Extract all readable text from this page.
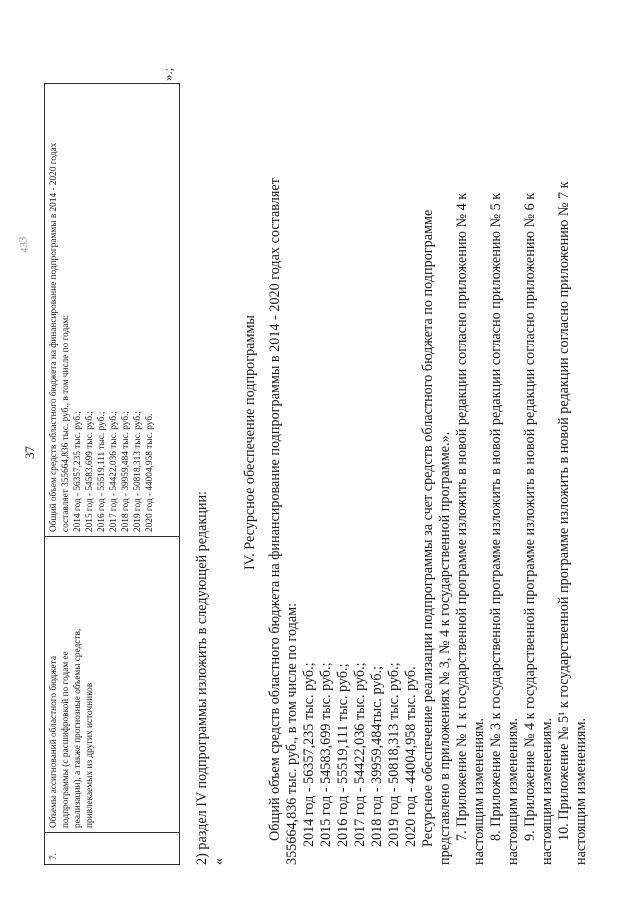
37
433
7.
Объемы ассигнований областного бюджета подпрограммы (с расшифровкой по годам ее реализации), а также прогнозные объемы средств, привлекаемых из других источников
Общий объем средств областного бюджета на финансирование подпрограммы в 2014 - 2020 годах составляет 355664,836 тыс. руб., в том числе по годам: 2014 год - 56357,235 тыс. руб.; 2015 год - 54583,699 тыс. руб.; 2016 год - 55519,111 тыс. руб.; 2017 год - 54422,036 тыс. руб.; 2018 год - 39959,484 тыс. руб.; 2019 год - 50818,313 тыс. руб.; 2020 год - 44004,958 тыс. руб.
».;
2) раздел IV подпрограммы изложить в следующей редакции: «
IV. Ресурсное обеспечение подпрограммы Общий объем средств областного бюджета на финансирование подпрограммы в 2014 - 2020 годах составляет 355664,836 тыс. руб., в том числе по годам: 2014 год - 56357,235 тыс. руб.; 2015 год - 54583,699 тыс. руб.; 2016 год - 55519,111 тыс. руб.; 2017 год - 54422,036 тыс. руб.; 2018 год - 39959,484тыс. руб.; 2019 год - 50818,313 тыс. руб.; 2020 год - 44004,958 тыс. руб. Ресурсное обеспечение реализации подпрограммы за счет средств областного бюджета по подпрограмме представлено в приложениях № 3, № 4 к государственной программе.». 7. Приложение № 1 к государственной программе изложить в новой редакции согласно приложению № 4 к настоящим изменениям. 8. Приложение № 3 к государственной программе изложить в новой редакции согласно приложению № 5 к настоящим изменениям. 9. Приложение № 4 к государственной программе изложить в новой редакции согласно приложению № 6 к настоящим изменениям. 10. Приложение № 5¹ к государственной программе изложить в новой редакции согласно приложению № 7 к настоящим изменениям.
